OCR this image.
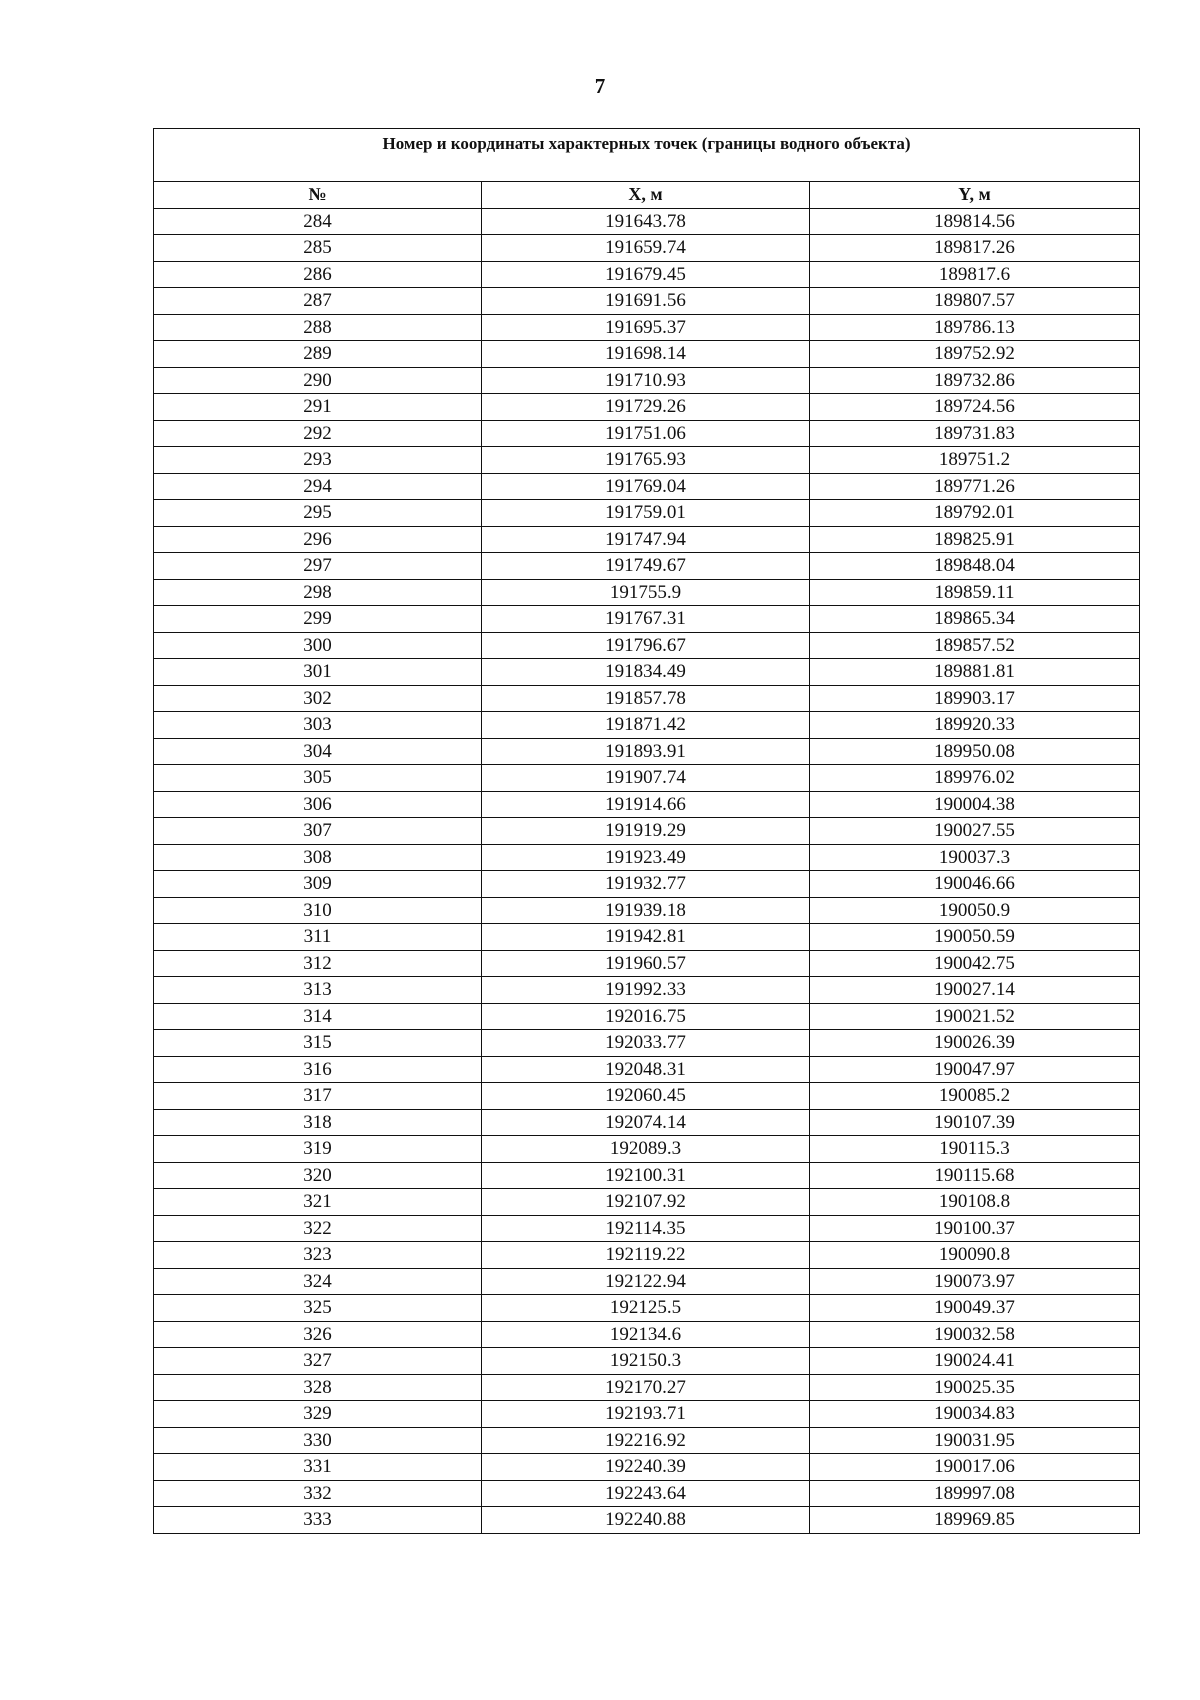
7
Номер и координаты характерных точек (границы водного объекта)		
№	X, м	Y, м
284	191643.78	189814.56
285	191659.74	189817.26
286	191679.45	189817.6
287	191691.56	189807.57
288	191695.37	189786.13
289	191698.14	189752.92
290	191710.93	189732.86
291	191729.26	189724.56
292	191751.06	189731.83
293	191765.93	189751.2
294	191769.04	189771.26
295	191759.01	189792.01
296	191747.94	189825.91
297	191749.67	189848.04
298	191755.9	189859.11
299	191767.31	189865.34
300	191796.67	189857.52
301	191834.49	189881.81
302	191857.78	189903.17
303	191871.42	189920.33
304	191893.91	189950.08
305	191907.74	189976.02
306	191914.66	190004.38
307	191919.29	190027.55
308	191923.49	190037.3
309	191932.77	190046.66
310	191939.18	190050.9
311	191942.81	190050.59
312	191960.57	190042.75
313	191992.33	190027.14
314	192016.75	190021.52
315	192033.77	190026.39
316	192048.31	190047.97
317	192060.45	190085.2
318	192074.14	190107.39
319	192089.3	190115.3
320	192100.31	190115.68
321	192107.92	190108.8
322	192114.35	190100.37
323	192119.22	190090.8
324	192122.94	190073.97
325	192125.5	190049.37
326	192134.6	190032.58
327	192150.3	190024.41
328	192170.27	190025.35
329	192193.71	190034.83
330	192216.92	190031.95
331	192240.39	190017.06
332	192243.64	189997.08
333	192240.88	189969.85
